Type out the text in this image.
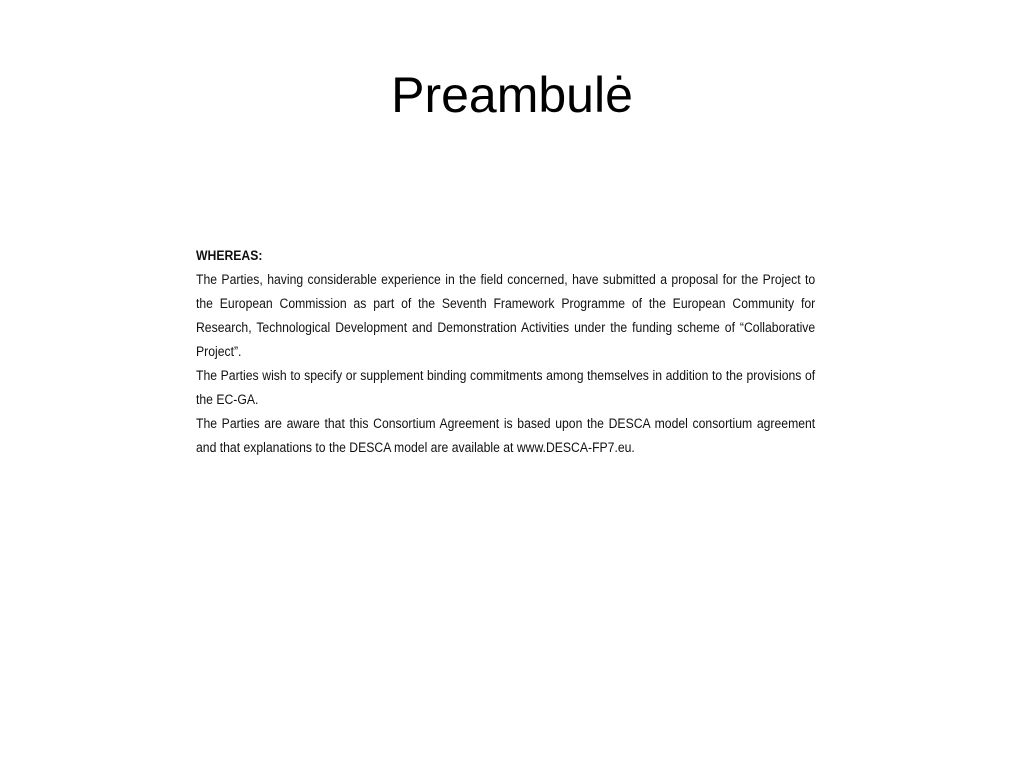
Preambulė
WHEREAS:

The Parties, having considerable experience in the field concerned, have submitted a proposal for the Project to the European Commission as part of the Seventh Framework Programme of the European Community for Research, Technological Development and Demonstration Activities under the funding scheme of “Collaborative Project”.

The Parties wish to specify or supplement binding commitments among themselves in addition to the provisions of the EC-GA.

The Parties are aware that this Consortium Agreement is based upon the DESCA model consortium agreement and that explanations to the DESCA model are available at www.DESCA-FP7.eu.
